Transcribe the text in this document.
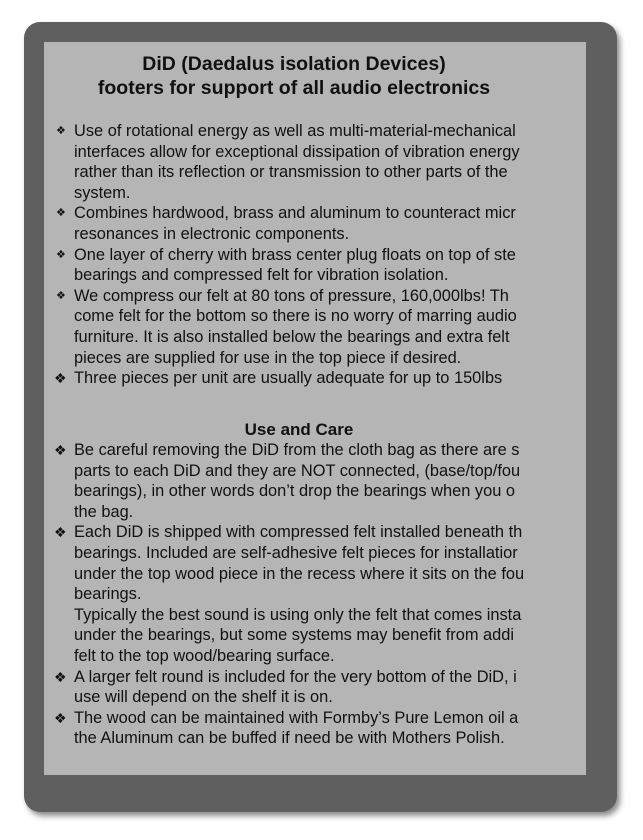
DiD (Daedalus isolation Devices)
footers for support of all audio electronics
❖ Use of rotational energy as well as multi-material-mechanical
interfaces allow for exceptional dissipation of vibration energy
rather than its reflection or transmission to other parts of the
system.
❖ Combines hardwood, brass and aluminum to counteract micr
resonances in electronic components.
❖ One layer of cherry with brass center plug floats on top of ste
bearings and compressed felt for vibration isolation.
❖ We compress our felt at 80 tons of pressure, 160,000lbs! Th
come felt for the bottom so there is no worry of marring audio
furniture. It is also installed below the bearings and extra felt
pieces are supplied for use in the top piece if desired.
❖ Three pieces per unit are usually adequate for up to 150lbs
Use and Care
❖ Be careful removing the DiD from the cloth bag as there are s
parts to each DiD and they are NOT connected, (base/top/fou
bearings), in other words don’t drop the bearings when you o
the bag.
❖ Each DiD is shipped with compressed felt installed beneath th
bearings. Included are self-adhesive felt pieces for installatior
under the top wood piece in the recess where it sits on the fou
bearings.
Typically the best sound is using only the felt that comes insta
under the bearings, but some systems may benefit from addi
felt to the top wood/bearing surface.
❖ A larger felt round is included for the very bottom of the DiD, i
use will depend on the shelf it is on.
❖ The wood can be maintained with Formby’s Pure Lemon oil a
the Aluminum can be buffed if need be with Mothers Polish.
